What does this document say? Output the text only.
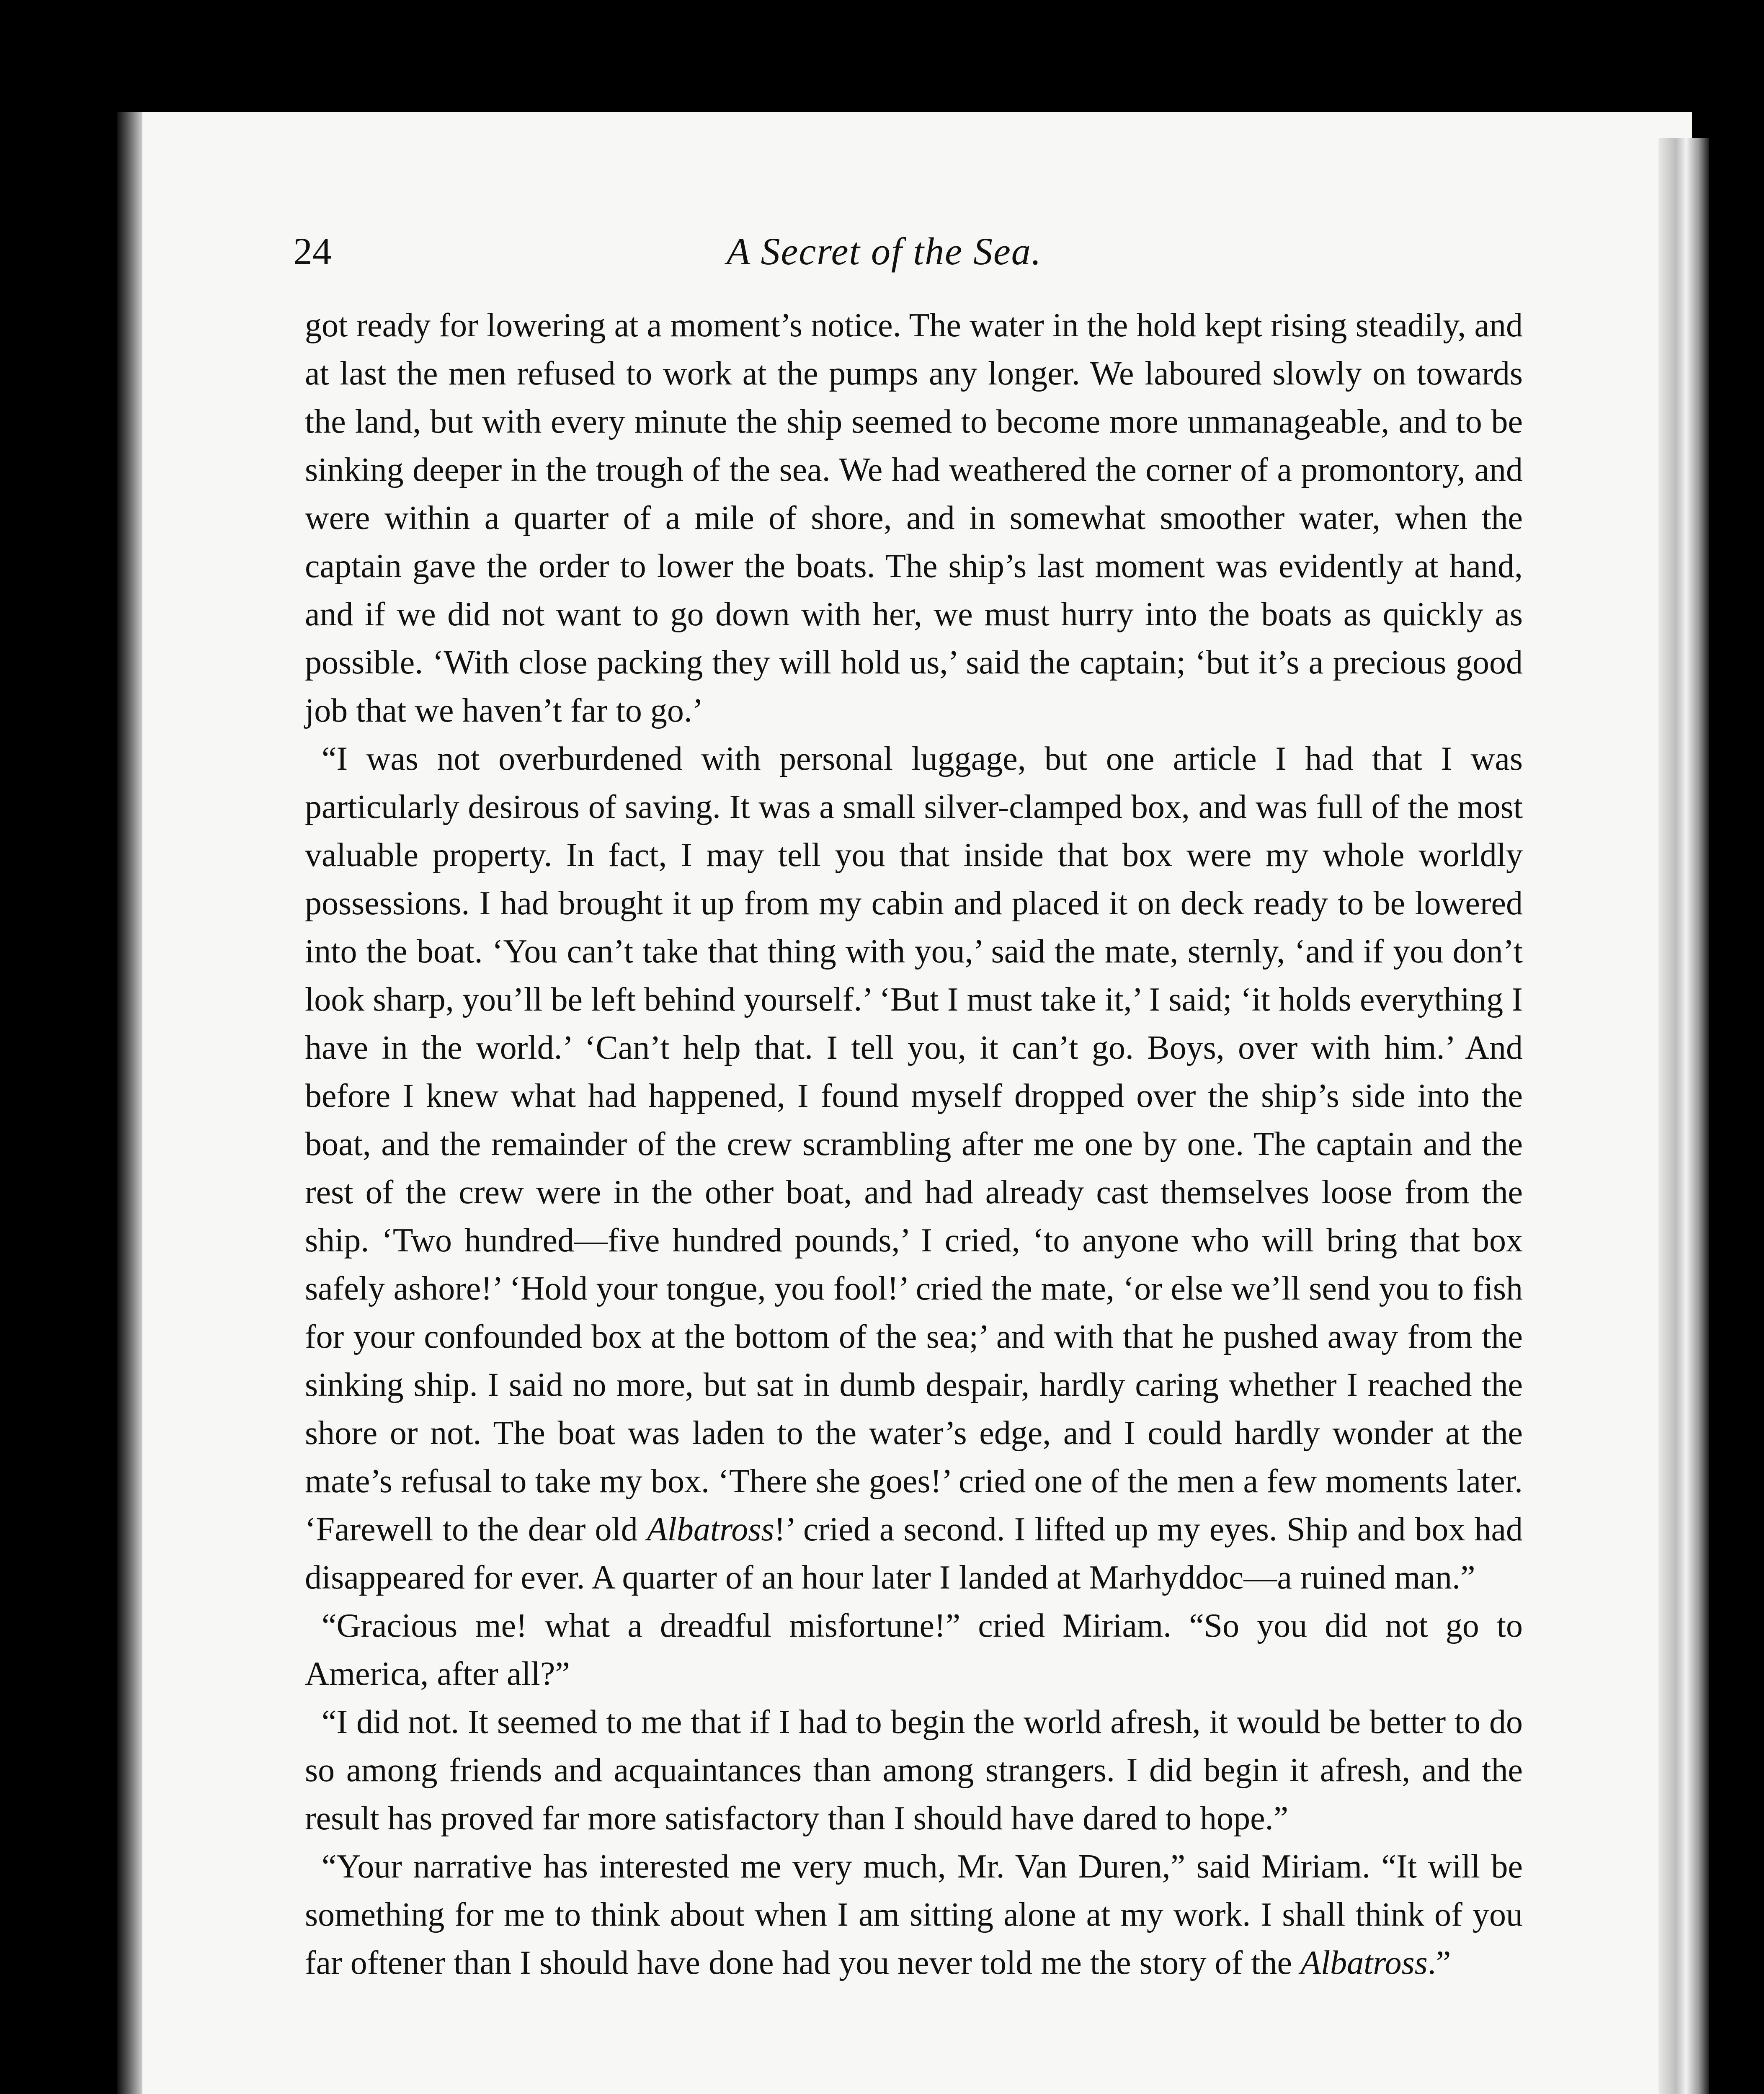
24	A Secret of the Sea.

got ready for lowering at a moment’s notice. The water in the hold kept rising steadily, and at last the men refused to work at the pumps any longer. We laboured slowly on towards the land, but with every minute the ship seemed to become more unmanageable, and to be sinking deeper in the trough of the sea. We had weathered the corner of a promontory, and were within a quarter of a mile of shore, and in somewhat smoother water, when the captain gave the order to lower the boats. The ship’s last moment was evidently at hand, and if we did not want to go down with her, we must hurry into the boats as quickly as possible. ‘With close packing they will hold us,’ said the captain; ‘but it’s a precious good job that we haven’t far to go.’

“I was not overburdened with personal luggage, but one article I had that I was particularly desirous of saving. It was a small silver-clamped box, and was full of the most valuable property. In fact, I may tell you that inside that box were my whole worldly possessions. I had brought it up from my cabin and placed it on deck ready to be lowered into the boat. ‘You can’t take that thing with you,’ said the mate, sternly, ‘and if you don’t look sharp, you’ll be left behind yourself.’ ‘But I must take it,’ I said; ‘it holds everything I have in the world.’ ‘Can’t help that. I tell you, it can’t go. Boys, over with him.’ And before I knew what had happened, I found myself dropped over the ship’s side into the boat, and the remainder of the crew scrambling after me one by one. The captain and the rest of the crew were in the other boat, and had already cast themselves loose from the ship. ‘Two hundred—five hundred pounds,’ I cried, ‘to anyone who will bring that box safely ashore!’ ‘Hold your tongue, you fool!’ cried the mate, ‘or else we’ll send you to fish for your confounded box at the bottom of the sea;’ and with that he pushed away from the sinking ship. I said no more, but sat in dumb despair, hardly caring whether I reached the shore or not. The boat was laden to the water’s edge, and I could hardly wonder at the mate’s refusal to take my box. ‘There she goes!’ cried one of the men a few moments later. ‘Farewell to the dear old Albatross!’ cried a second. I lifted up my eyes. Ship and box had disappeared for ever. A quarter of an hour later I landed at Marhyddoc—a ruined man.”

“Gracious me! what a dreadful misfortune!” cried Miriam. “So you did not go to America, after all?”

“I did not. It seemed to me that if I had to begin the world afresh, it would be better to do so among friends and acquaintances than among strangers. I did begin it afresh, and the result has proved far more satisfactory than I should have dared to hope.”

“Your narrative has interested me very much, Mr. Van Duren,” said Miriam. “It will be something for me to think about when I am sitting alone at my work. I shall think of you far oftener than I should have done had you never told me the story of the Albatross.”
